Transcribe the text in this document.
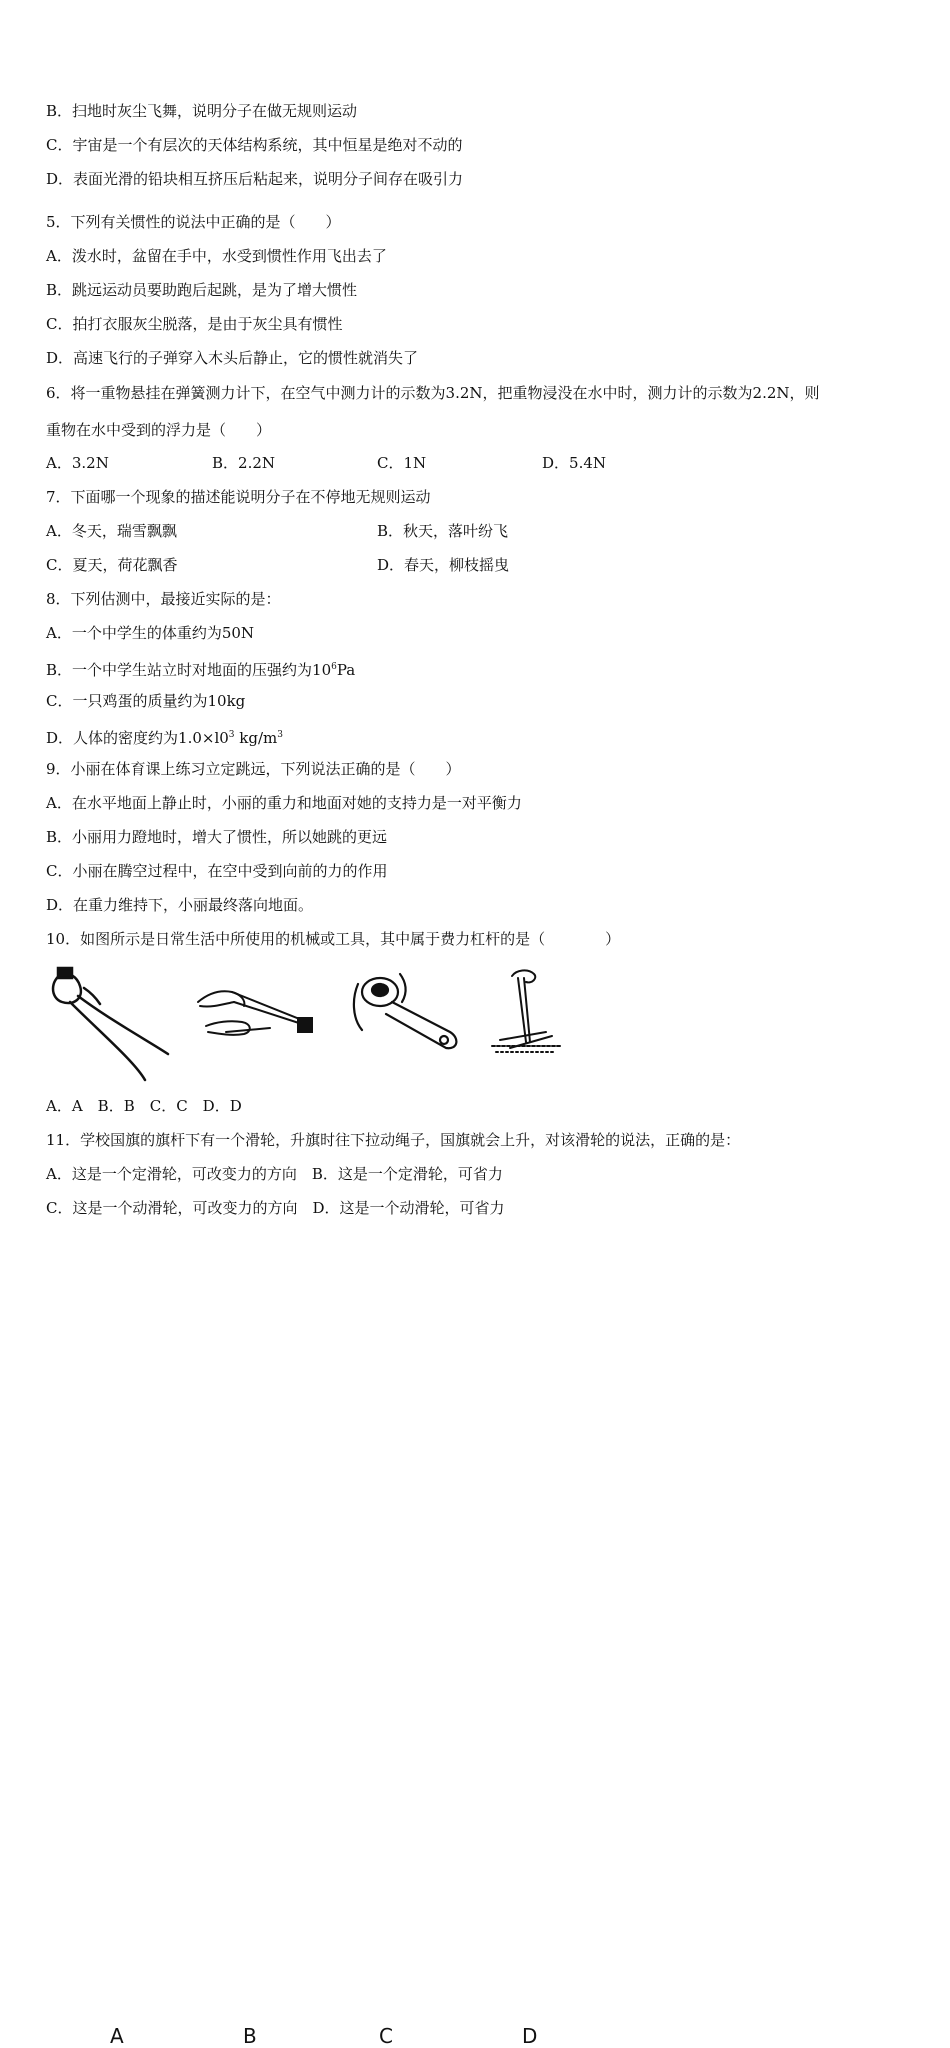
B．扫地时灰尘飞舞，说明分子在做无规则运动
C．宇宙是一个有层次的天体结构系统，其中恒星是绝对不动的
D．表面光滑的铅块相互挤压后粘起来，说明分子间存在吸引力
5．下列有关惯性的说法中正确的是（　　）
A．泼水时，盆留在手中，水受到惯性作用飞出去了
B．跳远运动员要助跑后起跳，是为了增大惯性
C．拍打衣服灰尘脱落，是由于灰尘具有惯性
D．高速飞行的子弹穿入木头后静止，它的惯性就消失了
6．将一重物悬挂在弹簧测力计下，在空气中测力计的示数为3.2N，把重物浸没在水中时，测力计的示数为2.2N，则
重物在水中受到的浮力是（　　）
A．3.2N	B．2.2N	C．1N	D．5.4N
7．下面哪一个现象的描述能说明分子在不停地无规则运动
A．冬天，瑞雪飘飘	B．秋天，落叶纷飞
C．夏天，荷花飘香	D．春天，柳枝摇曳
8．下列估测中，最接近实际的是：
A．一个中学生的体重约为50N
B．一个中学生站立时对地面的压强约为$10^6Pa$
C．一只鸡蛋的质量约为10kg
D．人体的密度约为$1.0\times l0^3$ $kg/m^3$
9．小丽在体育课上练习立定跳远，下列说法正确的是（　　）
A．在水平地面上静止时，小丽的重力和地面对她的支持力是一对平衡力
B．小丽用力蹬地时，增大了惯性，所以她跳的更远
C．小丽在腾空过程中，在空中受到向前的力的作用
D．在重力维持下，小丽最终落向地面。
10．如图所示是日常生活中所使用的机械或工具，其中属于费力杠杆的是（　　　　）
A	B	C	D
A．A　B．B　C．C　D．D
11．学校国旗的旗杆下有一个滑轮，升旗时往下拉动绳子，国旗就会上升，对该滑轮的说法，正确的是：
A．这是一个定滑轮，可改变力的方向　B．这是一个定滑轮，可省力
C．这是一个动滑轮，可改变力的方向　D．这是一个动滑轮，可省力
